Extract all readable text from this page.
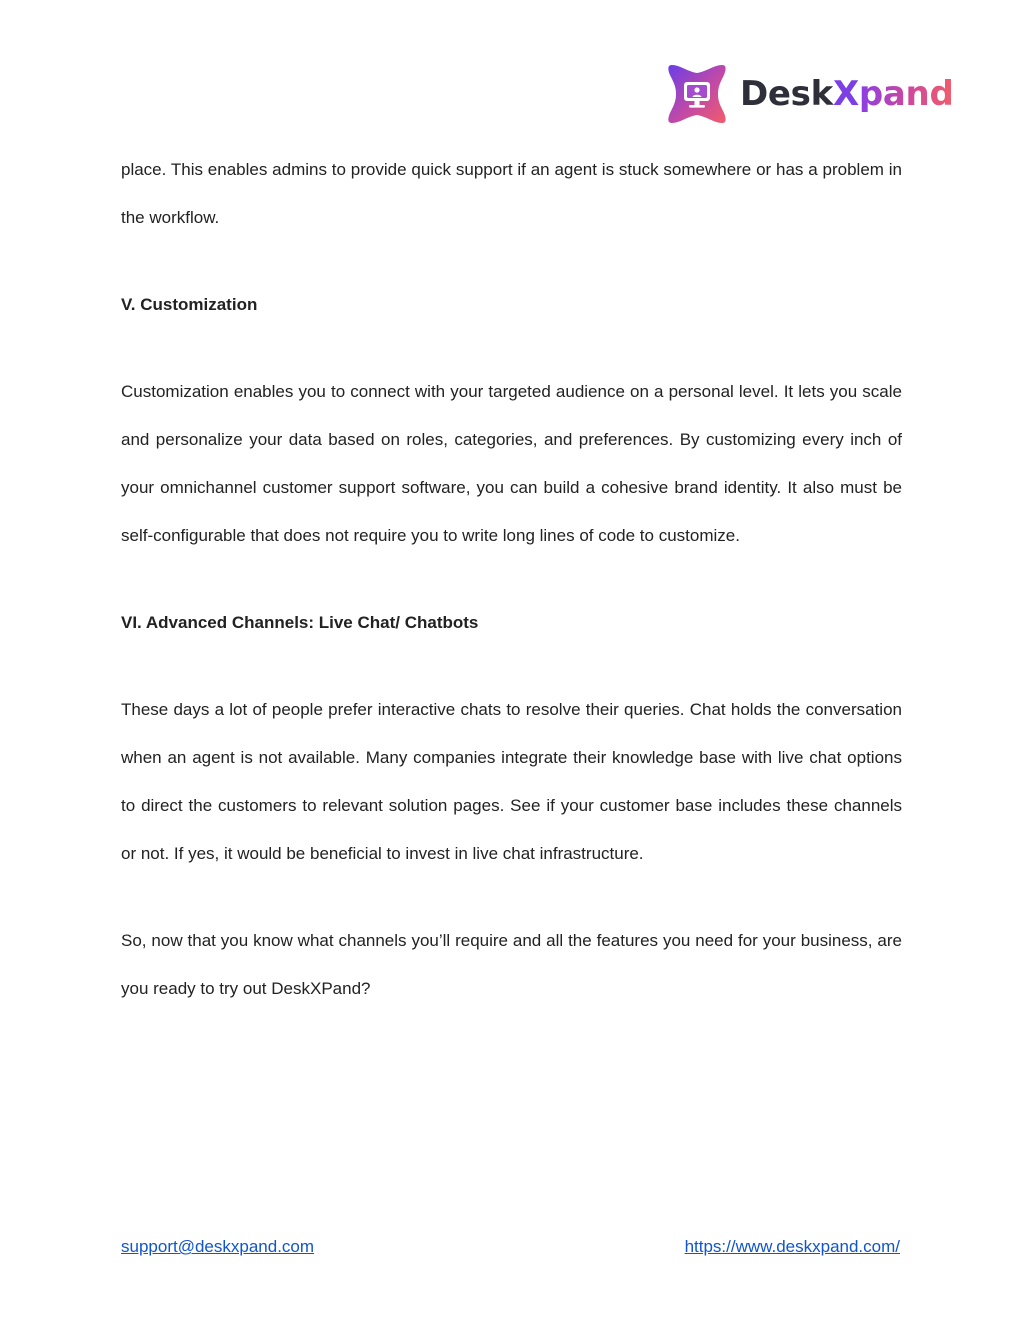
DeskXpand

place. This enables admins to provide quick support if an agent is stuck somewhere or has a problem in the workflow.

V. Customization

Customization enables you to connect with your targeted audience on a personal level. It lets you scale and personalize your data based on roles, categories, and preferences. By customizing every inch of your omnichannel customer support software, you can build a cohesive brand identity. It also must be self-configurable that does not require you to write long lines of code to customize.

VI. Advanced Channels: Live Chat/ Chatbots

These days a lot of people prefer interactive chats to resolve their queries. Chat holds the conversation when an agent is not available. Many companies integrate their knowledge base with live chat options to direct the customers to relevant solution pages. See if your customer base includes these channels or not. If yes, it would be beneficial to invest in live chat infrastructure.

So, now that you know what channels you’ll require and all the features you need for your business, are you ready to try out DeskXPand?

support@deskxpand.com	https://www.deskxpand.com/
